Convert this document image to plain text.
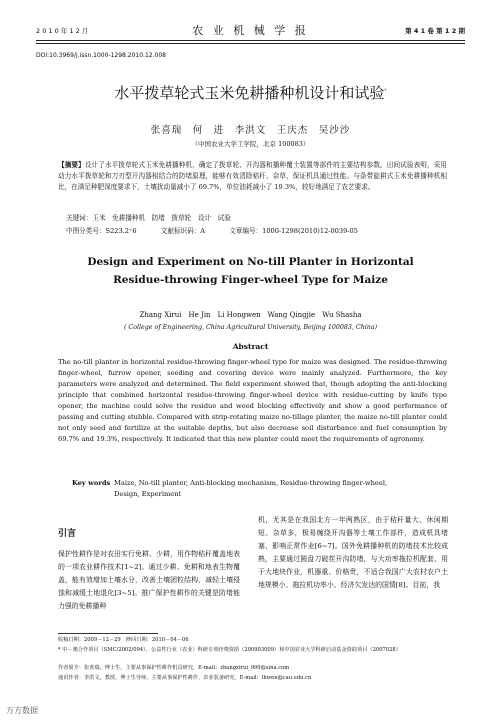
2 0 1 0 年 1 2 月	农 业 机 械 学 报	第 4 1 卷 第 1 2 期
DOI:10.3969/j.issn.1000-1298.2010.12.008
水平拨草轮式玉米免耕播种机设计和试验*
张喜瑞　何　进　李洪文　王庆杰　吴沙沙
（中国农业大学工学院，北京 100083）
【摘要】设计了水平拨草轮式玉米免耕播种机，确定了拨草轮、开沟器和播种覆土装置等部件的主要结构参数。田间试验表明，采用动力水平拨草轮和刀刃型开沟器相结合的防堵原理，能够有效清除秸秆、杂草，保证机具通过性能。与条带旋耕式玉米免耕播种机相比，在满足种肥深度要求下，土壤扰动量减小了 69.7%，单位油耗减小了 19.3%，较好地满足了农艺要求。
关键词：玉米　免耕播种机　防堵　拨草轮　设计　试验
中图分类号：S223.2⁺6	文献标识码：A	文章编号：1000-1298(2010)12-0039-05
Design and Experiment on No-till Planter in Horizontal
Residue-throwing Finger-wheel Type for Maize
Zhang Xirui　He Jin　Li Hongwen　Wang Qingjie　Wu Shasha
( College of Engineering, China Agricultural University, Beijing 100083, China)
Abstract
The no-till planter in horizontal residue-throwing finger-wheel type for maize was designed. The residue-throwing finger-wheel, furrow opener, seeding and covering device were mainly analyzed. Furthermore, the key parameters were analyzed and determined. The field experiment showed that, though adopting the anti-blocking principle that combined horizontal residue-throwing finger-wheel device with residue-cutting by knife type opener, the machine could solve the residue and weed blocking effectively and show a good performance of passing and cutting stubble. Compared with strip-rotating maize no-tillage planter, the maize no-till planter could not only seed and fertilize at the suitable depths, but also decrease soil disturbance and fuel consumption by 69.7% and 19.3%, respectively. It indicated that this new planter could meet the requirements of agronomy.
Key words Maize, No-till planter, Anti-blocking mechanism, Residue-throwing finger-wheel,
Design, Experiment
引言
保护性耕作是对农田实行免耕、少耕，用作物秸秆覆盖地表的一项农业耕作技术[1~2]。通过少耕、免耕和地表生物覆盖，能有效增加土壤水分，改善土壤团粒结构，减轻土壤侵蚀和减缓土地退化[3~5]。推广保护性耕作的关键是防堵能力强的免耕播种
机，尤其是在我国北方一年两熟区，由于秸秆量大、休闲期短、杂草多，极易缠绕开沟器等土壤工作部件，造成机具堵塞，影响正常作业[6~7]。国外免耕播种机的防堵技术比较成熟，主要通过圆盘刀破茬开沟防堵，与大功率拖拉机配套，用于大地块作业，机器重、价格贵，不适合我国广大农村农户土地规模小、拖拉机功率小、经济欠发达的国情[8]。目前，我
收稿日期：2009－12－29　修回日期：2010－04－06
* 中－澳合作项目（SMC/2002/094）、公益性行业（农业）科研专项经费资助（200903009）和中国农业大学科研启动基金资助项目（2007028）
作者简介：张喜瑞，博士生，主要从事保护性耕作机具研究，E-mail：zhangxirui_999@sina.com
通讯作者：李洪文，教授，博士生导师，主要从事保护性耕作、农业装备研究，E-mail：lhwen@cau.edu.cn
万方数据
